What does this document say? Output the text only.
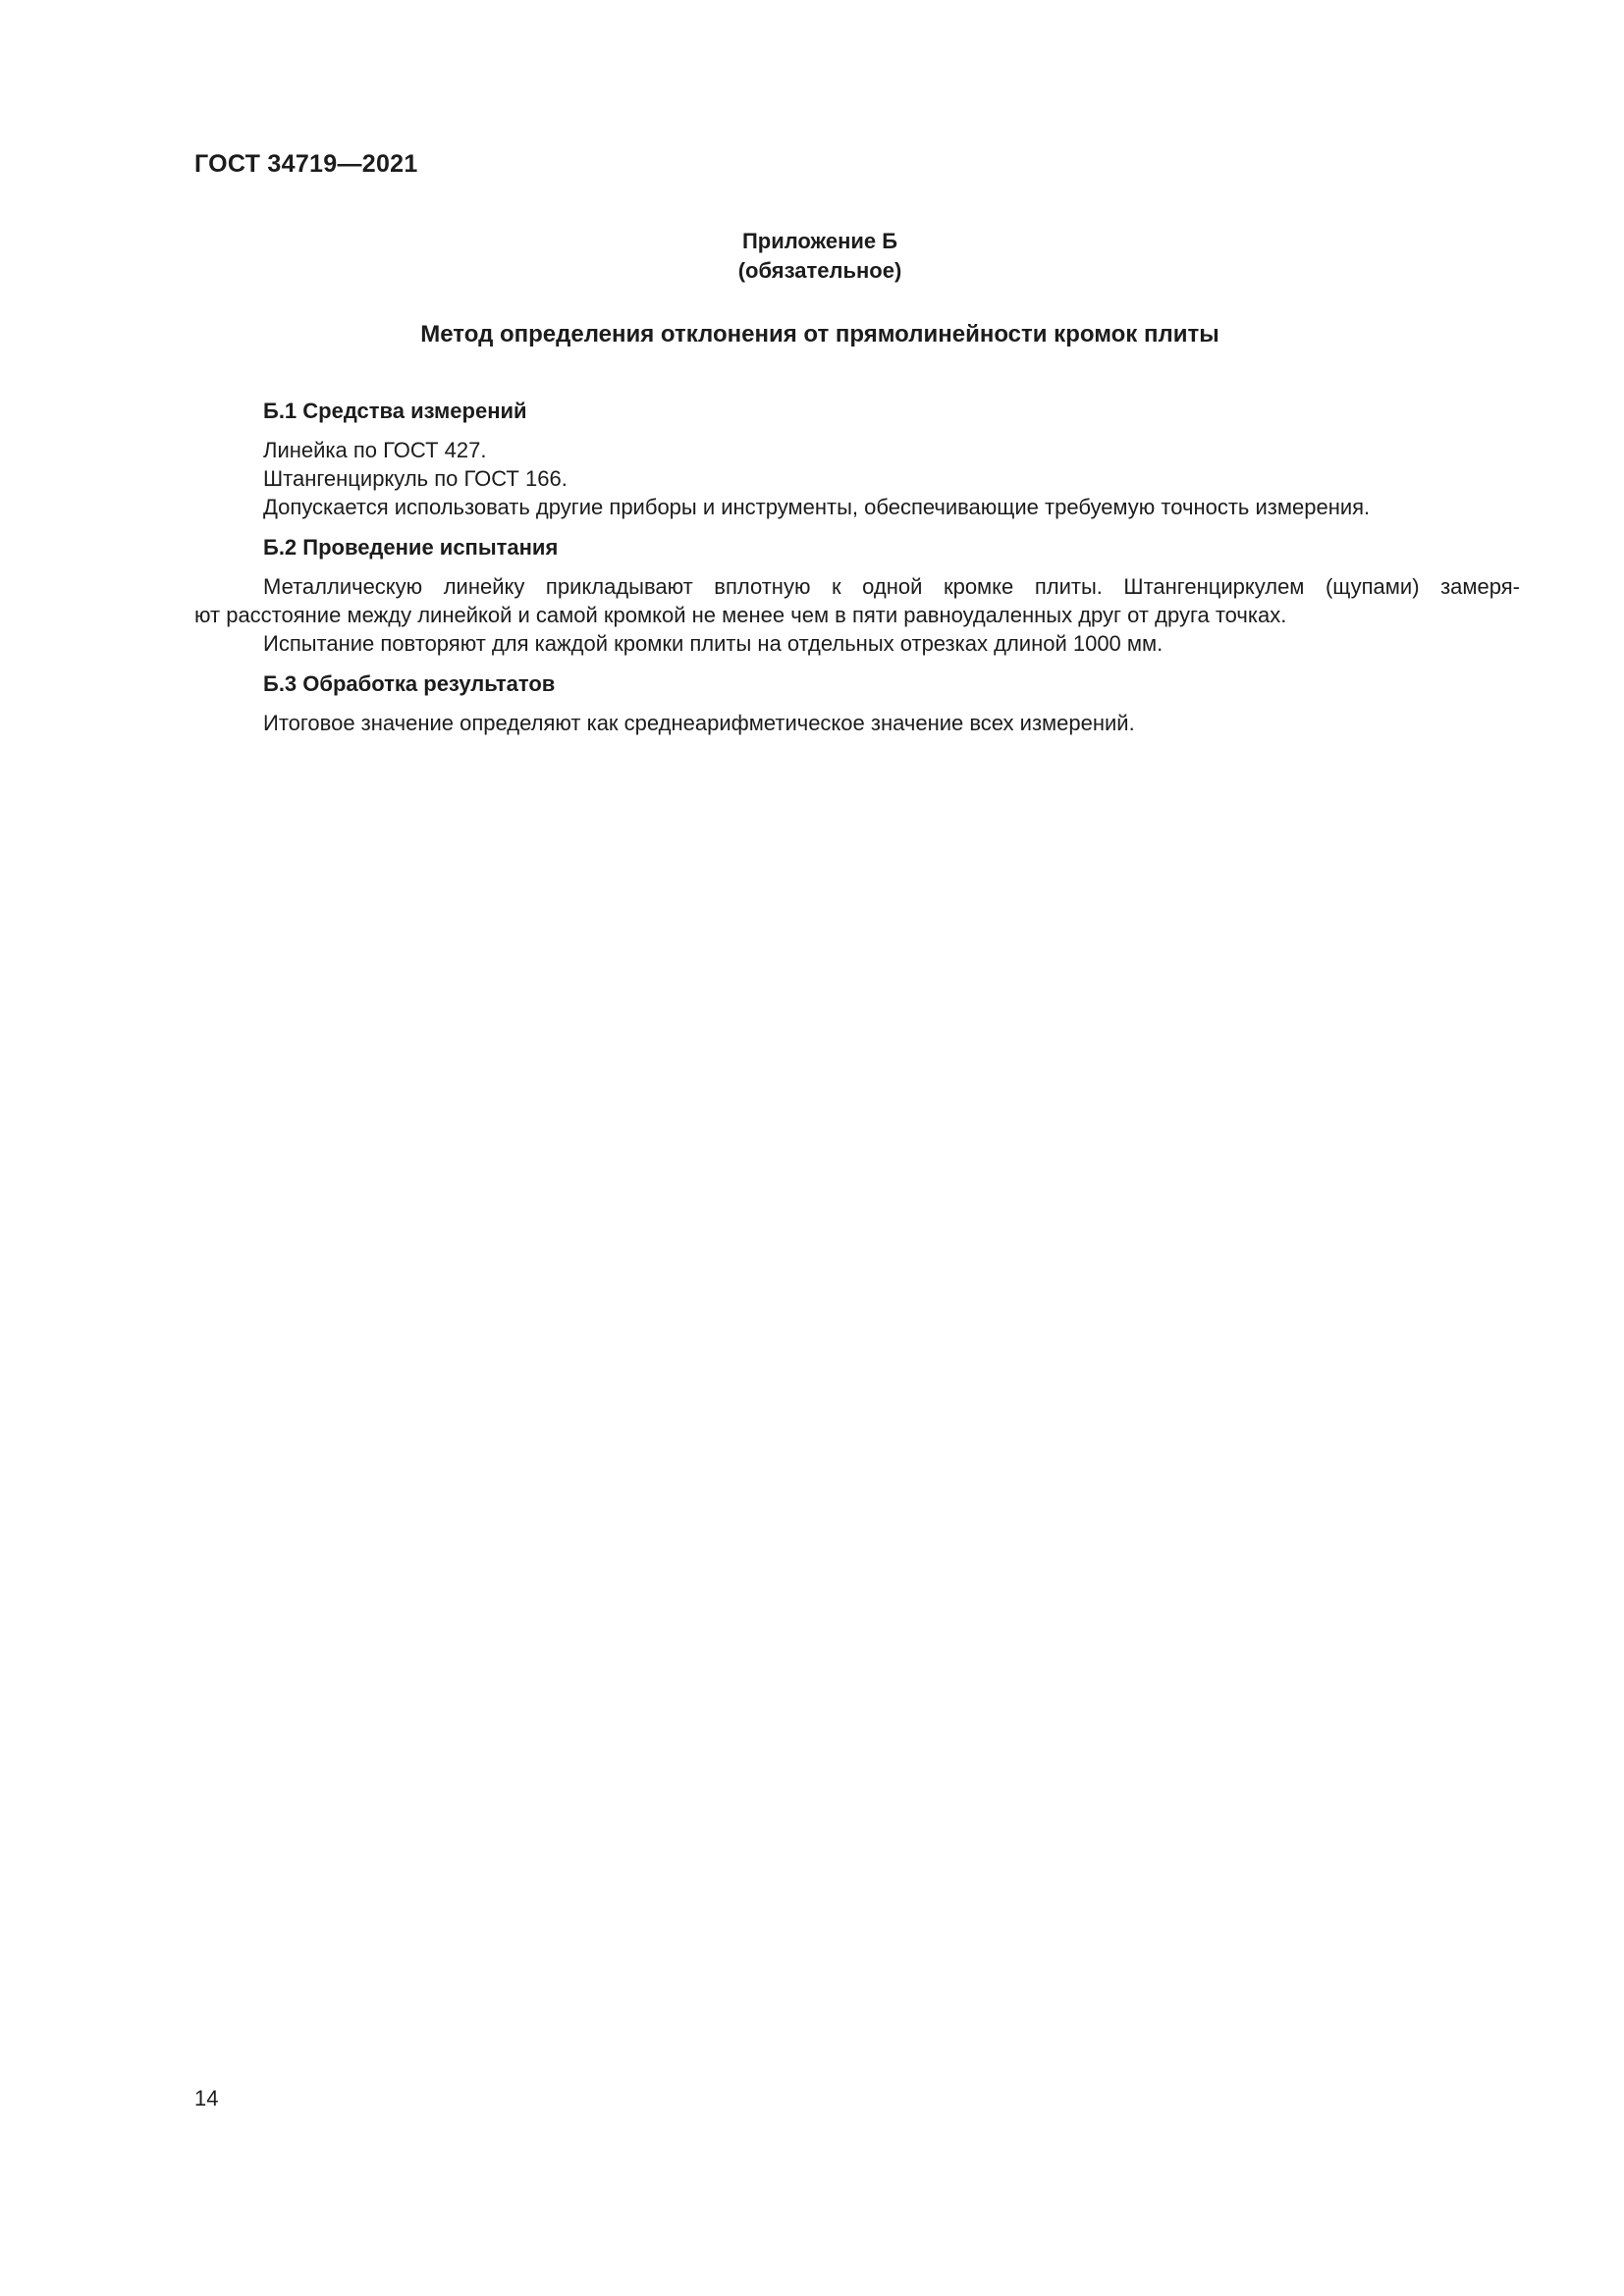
ГОСТ 34719—2021
Приложение Б
(обязательное)
Метод определения отклонения от прямолинейности кромок плиты

Б.1 Средства измерений

Линейка по ГОСТ 427.

Штангенциркуль по ГОСТ 166.

Допускается использовать другие приборы и инструменты, обеспечивающие требуемую точность измерения.

Б.2 Проведение испытания

Металлическую линейку прикладывают вплотную к одной кромке плиты. Штангенциркулем (щупами) замеря-

ют расстояние между линейкой и самой кромкой не менее чем в пяти равноудаленных друг от друга точках.

Испытание повторяют для каждой кромки плиты на отдельных отрезках длиной 1000 мм.

Б.3 Обработка результатов

Итоговое значение определяют как среднеарифметическое значение всех измерений.

14
